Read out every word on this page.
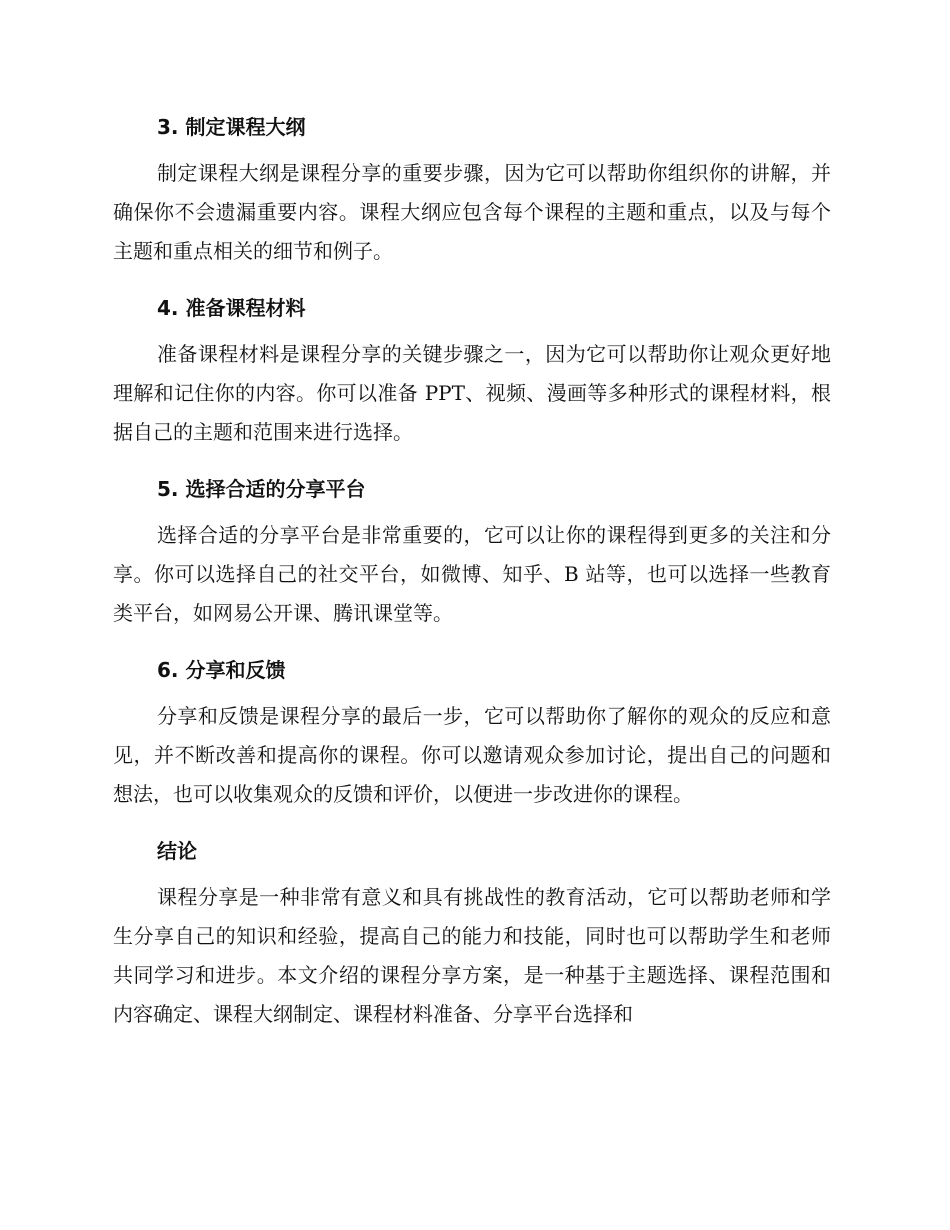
3. 制定课程大纲

制定课程大纲是课程分享的重要步骤，因为它可以帮助你组织你的讲解，并确保你不会遗漏重要内容。课程大纲应包含每个课程的主题和重点，以及与每个主题和重点相关的细节和例子。

4. 准备课程材料

准备课程材料是课程分享的关键步骤之一，因为它可以帮助你让观众更好地理解和记住你的内容。你可以准备 PPT、视频、漫画等多种形式的课程材料，根据自己的主题和范围来进行选择。

5. 选择合适的分享平台

选择合适的分享平台是非常重要的，它可以让你的课程得到更多的关注和分享。你可以选择自己的社交平台，如微博、知乎、B 站等，也可以选择一些教育类平台，如网易公开课、腾讯课堂等。

6. 分享和反馈

分享和反馈是课程分享的最后一步，它可以帮助你了解你的观众的反应和意见，并不断改善和提高你的课程。你可以邀请观众参加讨论，提出自己的问题和想法，也可以收集观众的反馈和评价，以便进一步改进你的课程。

结论

课程分享是一种非常有意义和具有挑战性的教育活动，它可以帮助老师和学生分享自己的知识和经验，提高自己的能力和技能，同时也可以帮助学生和老师共同学习和进步。本文介绍的课程分享方案，是一种基于主题选择、课程范围和内容确定、课程大纲制定、课程材料准备、分享平台选择和
